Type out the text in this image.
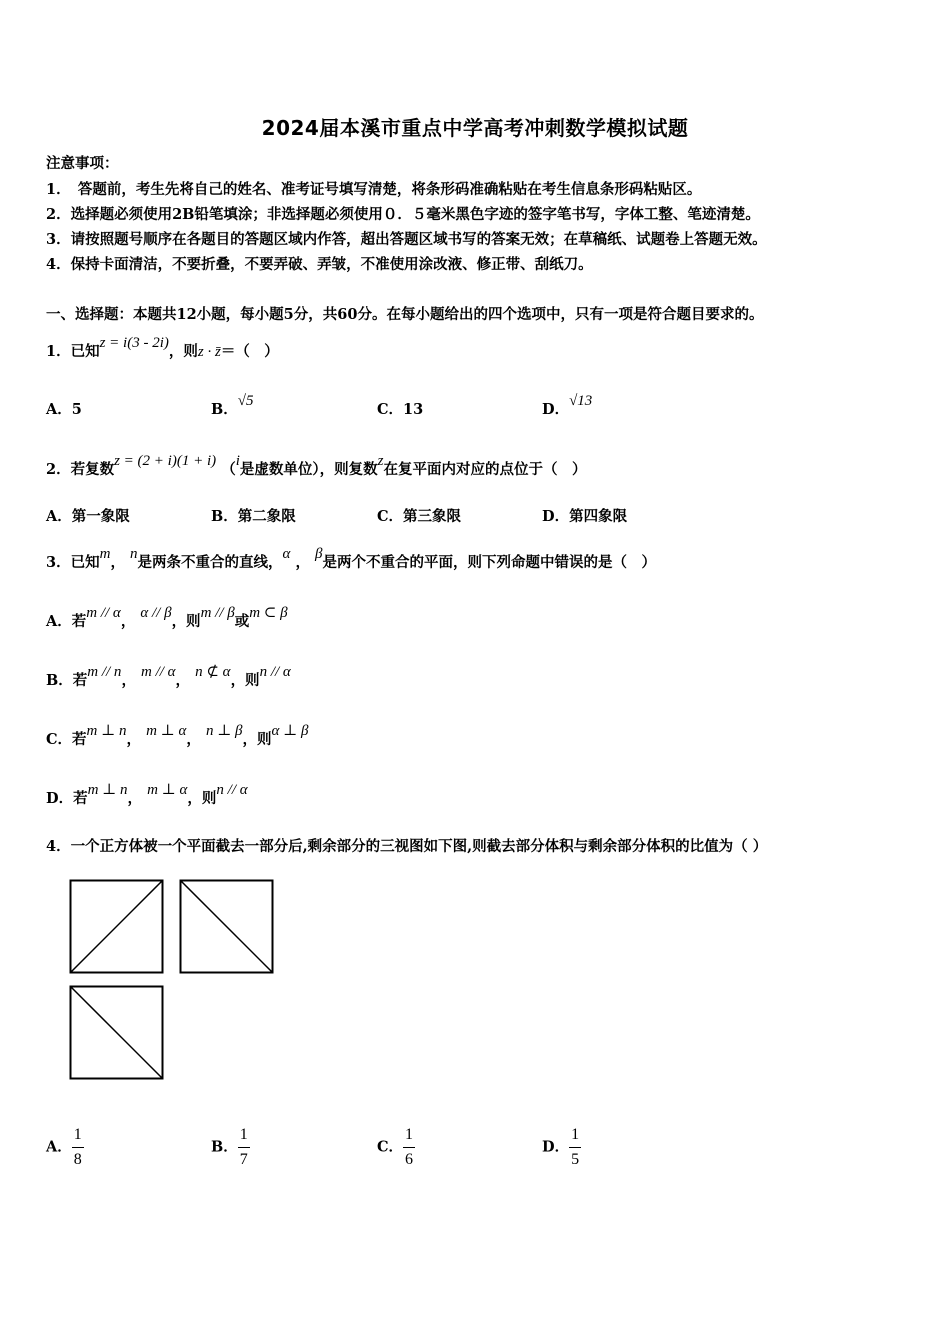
2024届本溪市重点中学高考冲刺数学模拟试题
注意事项：
1．　答题前，考生先将自己的姓名、准考证号填写清楚，将条形码准确粘贴在考生信息条形码粘贴区。
2．选择题必须使用2B铅笔填涂；非选择题必须使用０．５毫米黑色字迹的签字笔书写，字体工整、笔迹清楚。
3．请按照题号顺序在各题目的答题区域内作答，超出答题区域书写的答案无效；在草稿纸、试题卷上答题无效。
4．保持卡面清洁，不要折叠，不要弄破、弄皱，不准使用涂改液、修正带、刮纸刀。
一、选择题：本题共12小题，每小题5分，共60分。在每小题给出的四个选项中，只有一项是符合题目要求的。
1．已知z = i(3 - 2i)，则z · z̄＝（　）
A．5	B．√5	C．13	D．√13
2．若复数z = (2 + i)(1 + i) （i是虚数单位），则复数z在复平面内对应的点位于（　）
A．第一象限	B．第二象限	C．第三象限	D．第四象限
3．已知m， n是两条不重合的直线，α ， β是两个不重合的平面，则下列命题中错误的是（　）
A．若m // α， α // β，则m // β或m ⊂ β
B．若m // n， m // α， n ⊄ α，则n // α
C．若m ⊥ n， m ⊥ α， n ⊥ β，则α ⊥ β
D．若m ⊥ n， m ⊥ α，则n // α
4．一个正方体被一个平面截去一部分后,剩余部分的三视图如下图,则截去部分体积与剩余部分体积的比值为（ ）
A． $\frac{1}{8}$	B． $\frac{1}{7}$	C． $\frac{1}{6}$	D． $\frac{1}{5}$
